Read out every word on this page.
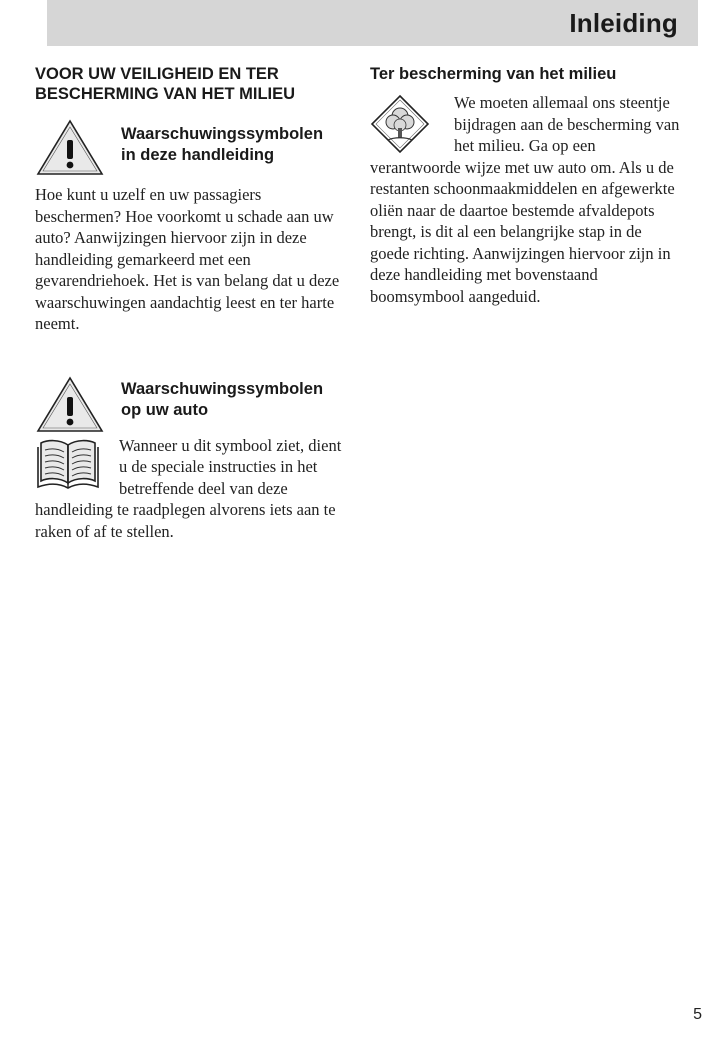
Inleiding
VOOR UW VEILIGHEID EN TER
BESCHERMING VAN HET MILIEU
Waarschuwingssymbolen
in deze handleiding

Hoe kunt u uzelf en uw passagiers beschermen? Hoe voorkomt u schade aan uw auto? Aanwijzingen hiervoor zijn in deze handleiding gemarkeerd met een gevarendriehoek. Het is van belang dat u deze waarschuwingen aandachtig leest en ter harte neemt.

Waarschuwingssymbolen
op uw auto

Wanneer u dit symbool ziet, dient u de speciale instructies in het betreffende deel van deze handleiding te raadplegen alvorens iets aan te raken of af te stellen.

Ter bescherming van het milieu

We moeten allemaal ons steentje bijdragen aan de bescherming van het milieu. Ga op een verantwoorde wijze met uw auto om. Als u de restanten schoonmaakmiddelen en afgewerkte oliën naar de daartoe bestemde afvaldepots brengt, is dit al een belangrijke stap in de goede richting. Aanwijzingen hiervoor zijn in deze handleiding met bovenstaand boomsymbool aangeduid.

5
